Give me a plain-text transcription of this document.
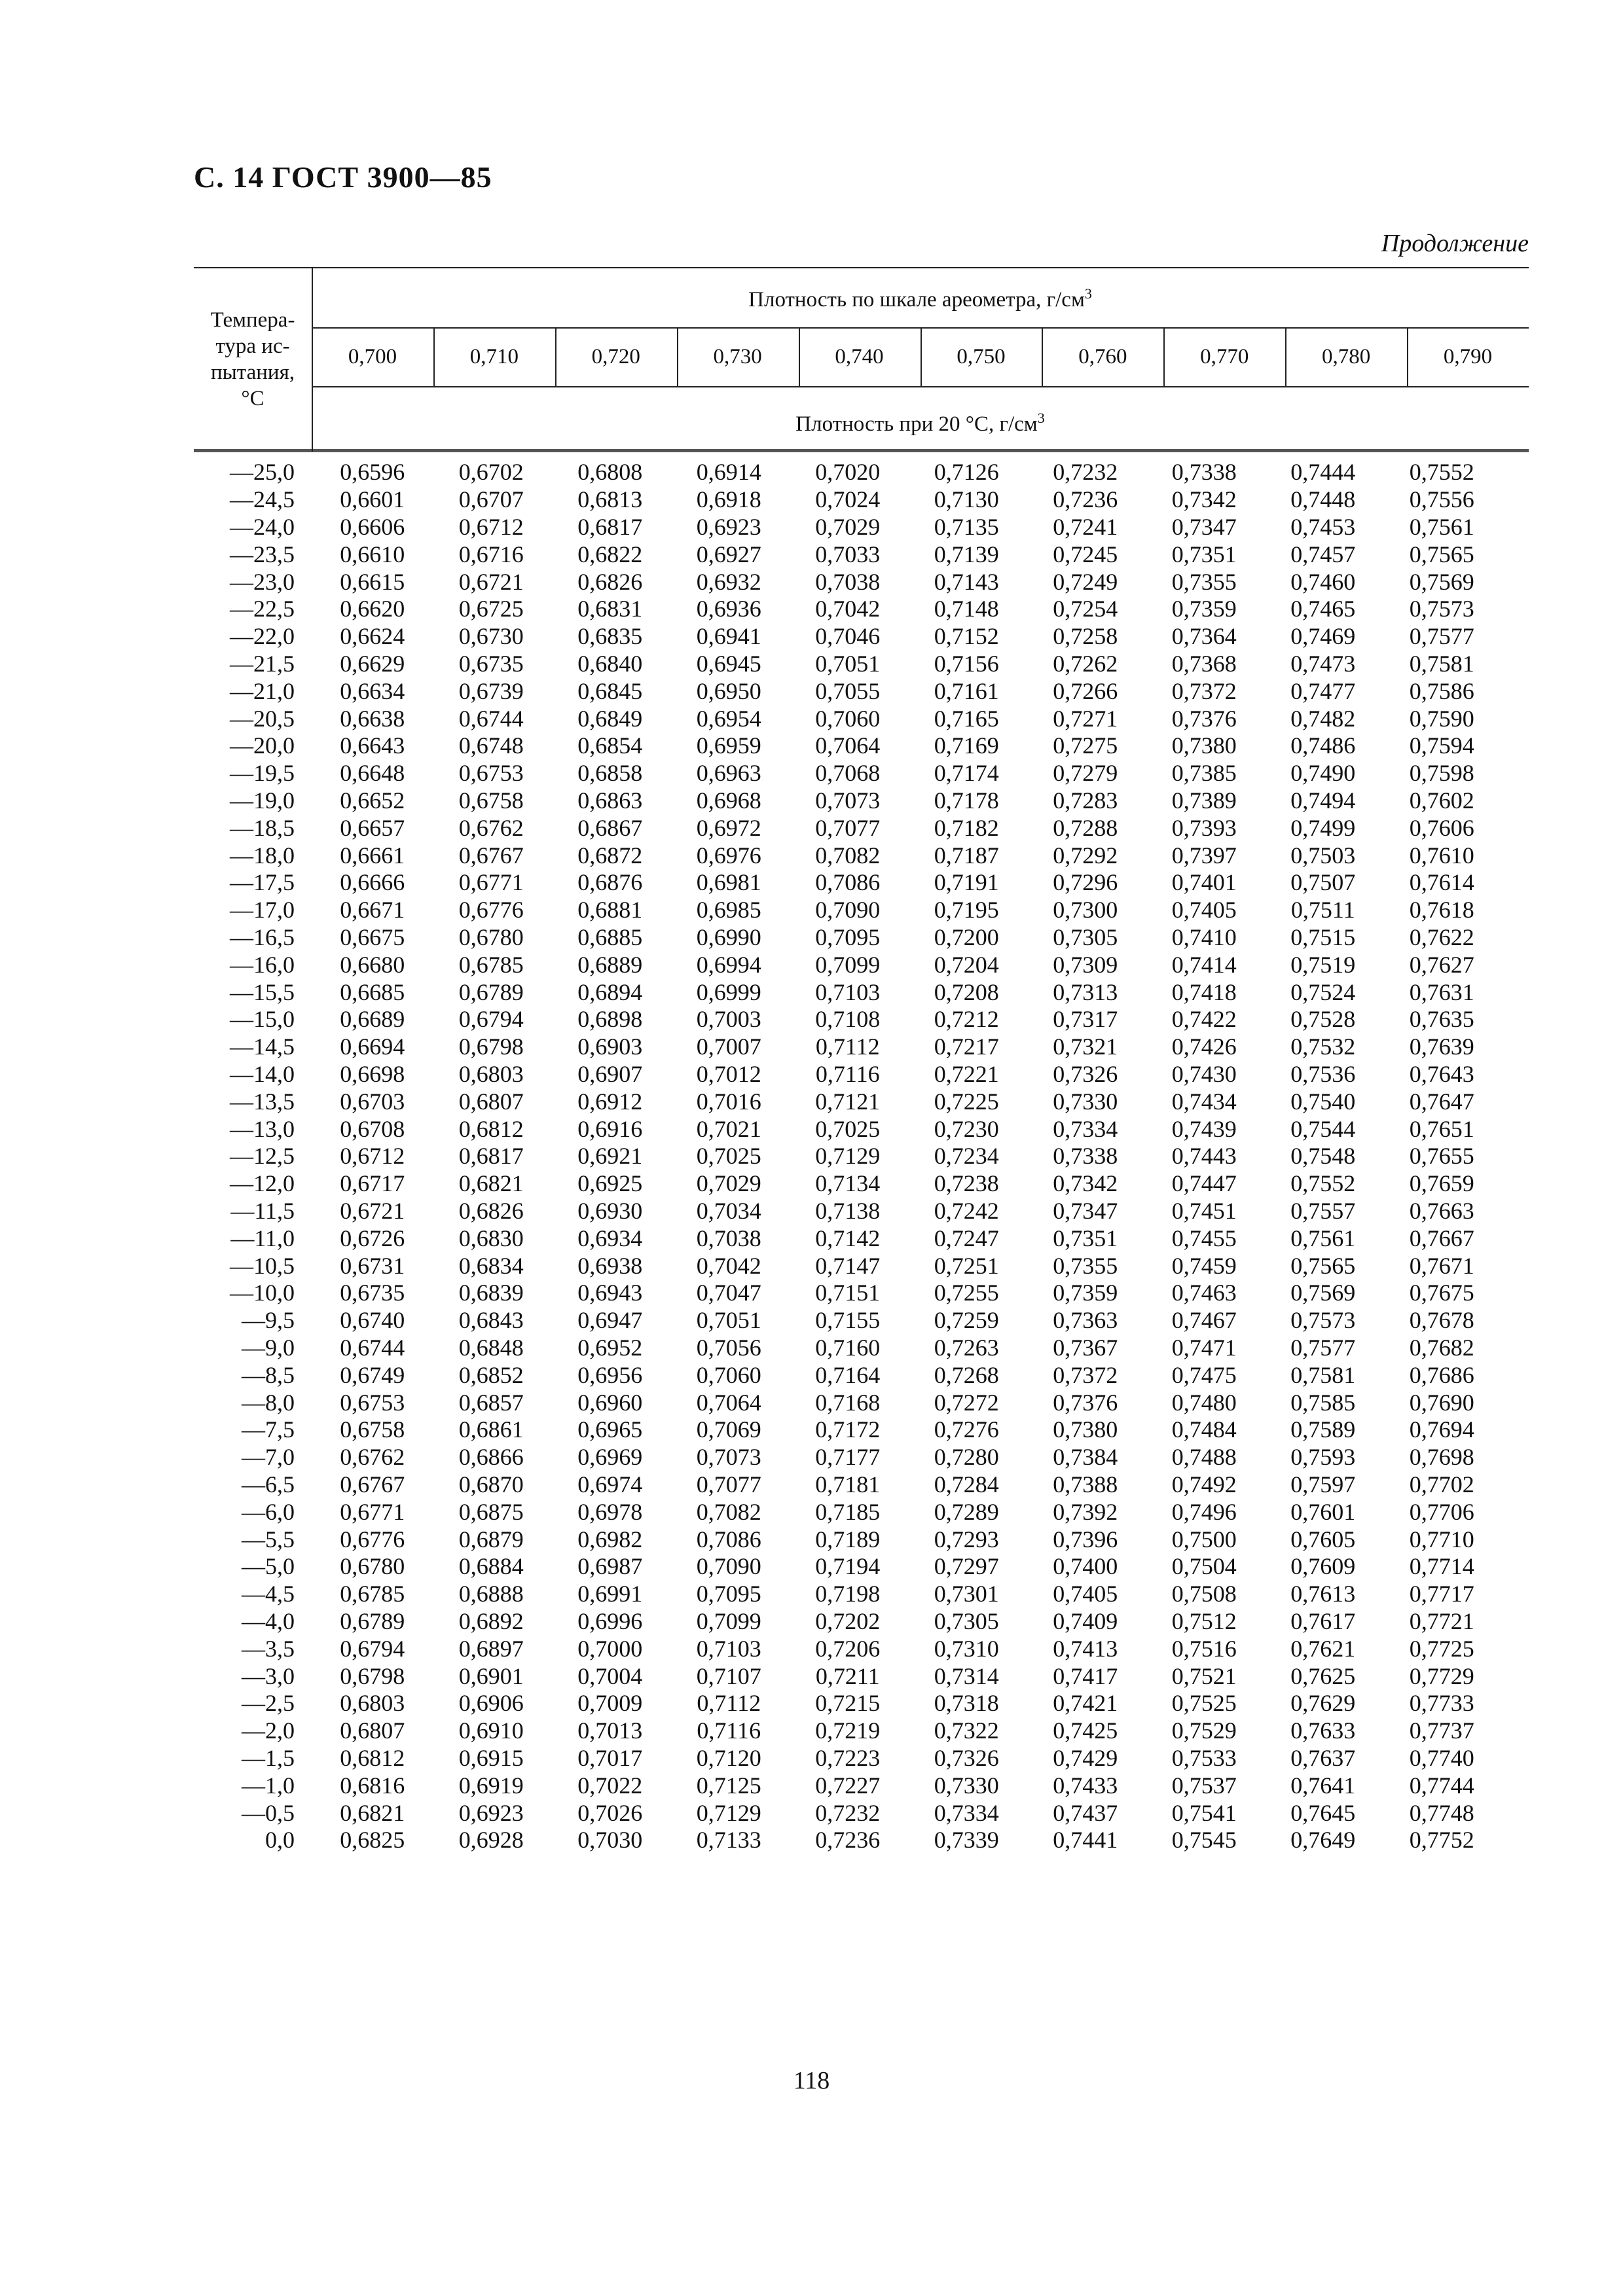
С. 14 ГОСТ 3900—85
Продолжение
Темпера-
тура ис-
пытания,
°С
Плотность по шкале ареометра, $г/см^3$
0,700	0,710	0,720	0,730	0,740	0,750	0,760	0,770	0,780	0,790
Плотность при 20 °С, $г/см^3$
—25,0	0,6596	0,6702	0,6808	0,6914	0,7020	0,7126	0,7232	0,7338	0,7444	0,7552
—24,5	0,6601	0,6707	0,6813	0,6918	0,7024	0,7130	0,7236	0,7342	0,7448	0,7556
—24,0	0,6606	0,6712	0,6817	0,6923	0,7029	0,7135	0,7241	0,7347	0,7453	0,7561
—23,5	0,6610	0,6716	0,6822	0,6927	0,7033	0,7139	0,7245	0,7351	0,7457	0,7565
—23,0	0,6615	0,6721	0,6826	0,6932	0,7038	0,7143	0,7249	0,7355	0,7460	0,7569
—22,5	0,6620	0,6725	0,6831	0,6936	0,7042	0,7148	0,7254	0,7359	0,7465	0,7573
—22,0	0,6624	0,6730	0,6835	0,6941	0,7046	0,7152	0,7258	0,7364	0,7469	0,7577
—21,5	0,6629	0,6735	0,6840	0,6945	0,7051	0,7156	0,7262	0,7368	0,7473	0,7581
—21,0	0,6634	0,6739	0,6845	0,6950	0,7055	0,7161	0,7266	0,7372	0,7477	0,7586
—20,5	0,6638	0,6744	0,6849	0,6954	0,7060	0,7165	0,7271	0,7376	0,7482	0,7590
—20,0	0,6643	0,6748	0,6854	0,6959	0,7064	0,7169	0,7275	0,7380	0,7486	0,7594
—19,5	0,6648	0,6753	0,6858	0,6963	0,7068	0,7174	0,7279	0,7385	0,7490	0,7598
—19,0	0,6652	0,6758	0,6863	0,6968	0,7073	0,7178	0,7283	0,7389	0,7494	0,7602
—18,5	0,6657	0,6762	0,6867	0,6972	0,7077	0,7182	0,7288	0,7393	0,7499	0,7606
—18,0	0,6661	0,6767	0,6872	0,6976	0,7082	0,7187	0,7292	0,7397	0,7503	0,7610
—17,5	0,6666	0,6771	0,6876	0,6981	0,7086	0,7191	0,7296	0,7401	0,7507	0,7614
—17,0	0,6671	0,6776	0,6881	0,6985	0,7090	0,7195	0,7300	0,7405	0,7511	0,7618
—16,5	0,6675	0,6780	0,6885	0,6990	0,7095	0,7200	0,7305	0,7410	0,7515	0,7622
—16,0	0,6680	0,6785	0,6889	0,6994	0,7099	0,7204	0,7309	0,7414	0,7519	0,7627
—15,5	0,6685	0,6789	0,6894	0,6999	0,7103	0,7208	0,7313	0,7418	0,7524	0,7631
—15,0	0,6689	0,6794	0,6898	0,7003	0,7108	0,7212	0,7317	0,7422	0,7528	0,7635
—14,5	0,6694	0,6798	0,6903	0,7007	0,7112	0,7217	0,7321	0,7426	0,7532	0,7639
—14,0	0,6698	0,6803	0,6907	0,7012	0,7116	0,7221	0,7326	0,7430	0,7536	0,7643
—13,5	0,6703	0,6807	0,6912	0,7016	0,7121	0,7225	0,7330	0,7434	0,7540	0,7647
—13,0	0,6708	0,6812	0,6916	0,7021	0,7025	0,7230	0,7334	0,7439	0,7544	0,7651
—12,5	0,6712	0,6817	0,6921	0,7025	0,7129	0,7234	0,7338	0,7443	0,7548	0,7655
—12,0	0,6717	0,6821	0,6925	0,7029	0,7134	0,7238	0,7342	0,7447	0,7552	0,7659
—11,5	0,6721	0,6826	0,6930	0,7034	0,7138	0,7242	0,7347	0,7451	0,7557	0,7663
—11,0	0,6726	0,6830	0,6934	0,7038	0,7142	0,7247	0,7351	0,7455	0,7561	0,7667
—10,5	0,6731	0,6834	0,6938	0,7042	0,7147	0,7251	0,7355	0,7459	0,7565	0,7671
—10,0	0,6735	0,6839	0,6943	0,7047	0,7151	0,7255	0,7359	0,7463	0,7569	0,7675
—9,5	0,6740	0,6843	0,6947	0,7051	0,7155	0,7259	0,7363	0,7467	0,7573	0,7678
—9,0	0,6744	0,6848	0,6952	0,7056	0,7160	0,7263	0,7367	0,7471	0,7577	0,7682
—8,5	0,6749	0,6852	0,6956	0,7060	0,7164	0,7268	0,7372	0,7475	0,7581	0,7686
—8,0	0,6753	0,6857	0,6960	0,7064	0,7168	0,7272	0,7376	0,7480	0,7585	0,7690
—7,5	0,6758	0,6861	0,6965	0,7069	0,7172	0,7276	0,7380	0,7484	0,7589	0,7694
—7,0	0,6762	0,6866	0,6969	0,7073	0,7177	0,7280	0,7384	0,7488	0,7593	0,7698
—6,5	0,6767	0,6870	0,6974	0,7077	0,7181	0,7284	0,7388	0,7492	0,7597	0,7702
—6,0	0,6771	0,6875	0,6978	0,7082	0,7185	0,7289	0,7392	0,7496	0,7601	0,7706
—5,5	0,6776	0,6879	0,6982	0,7086	0,7189	0,7293	0,7396	0,7500	0,7605	0,7710
—5,0	0,6780	0,6884	0,6987	0,7090	0,7194	0,7297	0,7400	0,7504	0,7609	0,7714
—4,5	0,6785	0,6888	0,6991	0,7095	0,7198	0,7301	0,7405	0,7508	0,7613	0,7717
—4,0	0,6789	0,6892	0,6996	0,7099	0,7202	0,7305	0,7409	0,7512	0,7617	0,7721
—3,5	0,6794	0,6897	0,7000	0,7103	0,7206	0,7310	0,7413	0,7516	0,7621	0,7725
—3,0	0,6798	0,6901	0,7004	0,7107	0,7211	0,7314	0,7417	0,7521	0,7625	0,7729
—2,5	0,6803	0,6906	0,7009	0,7112	0,7215	0,7318	0,7421	0,7525	0,7629	0,7733
—2,0	0,6807	0,6910	0,7013	0,7116	0,7219	0,7322	0,7425	0,7529	0,7633	0,7737
—1,5	0,6812	0,6915	0,7017	0,7120	0,7223	0,7326	0,7429	0,7533	0,7637	0,7740
—1,0	0,6816	0,6919	0,7022	0,7125	0,7227	0,7330	0,7433	0,7537	0,7641	0,7744
—0,5	0,6821	0,6923	0,7026	0,7129	0,7232	0,7334	0,7437	0,7541	0,7645	0,7748
0,0	0,6825	0,6928	0,7030	0,7133	0,7236	0,7339	0,7441	0,7545	0,7649	0,7752
118
